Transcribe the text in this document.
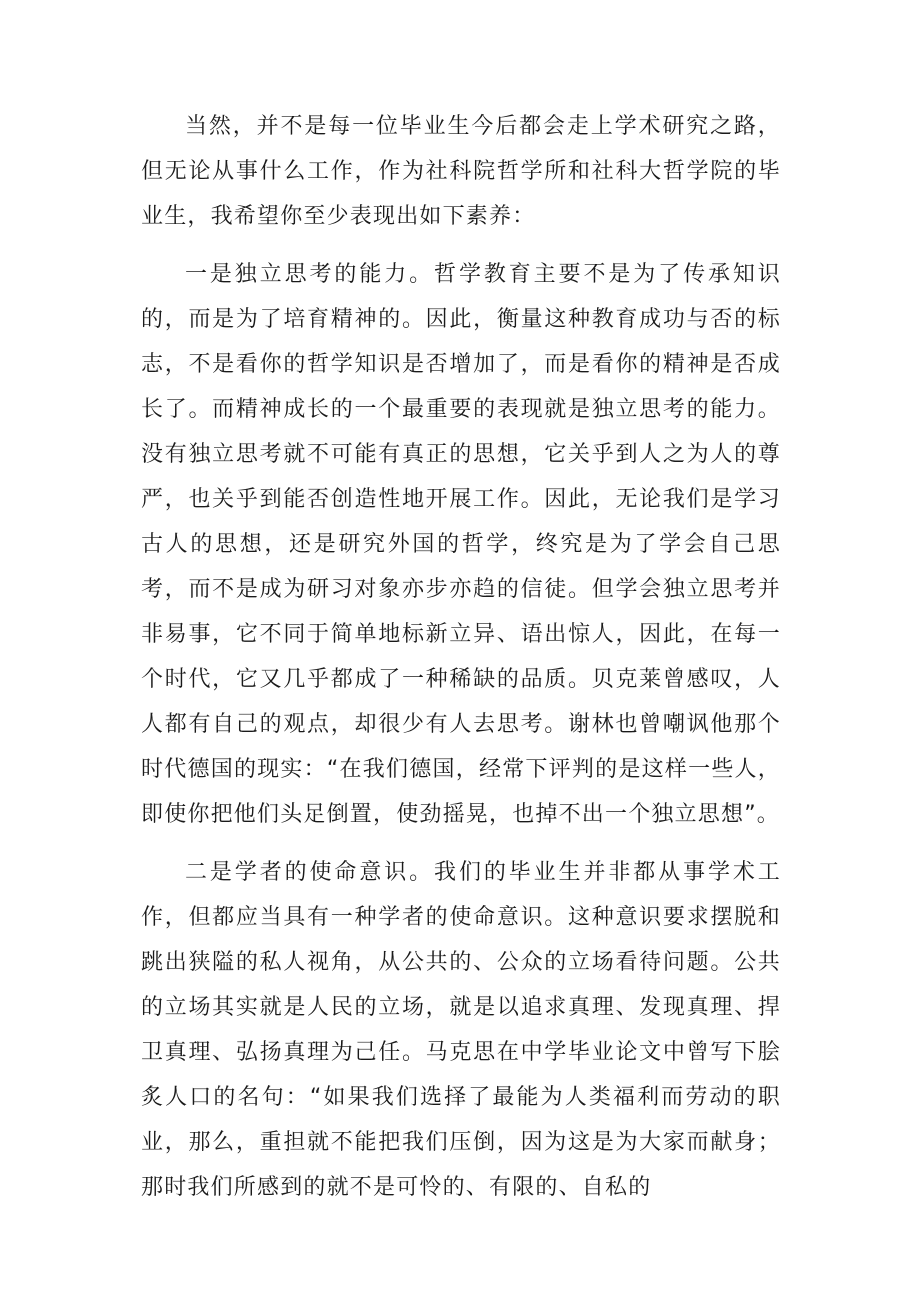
当然，并不是每一位毕业生今后都会走上学术研究之路，但无论从事什么工作，作为社科院哲学所和社科大哲学院的毕业生，我希望你至少表现出如下素养：

一是独立思考的能力。哲学教育主要不是为了传承知识的，而是为了培育精神的。因此，衡量这种教育成功与否的标志，不是看你的哲学知识是否增加了，而是看你的精神是否成长了。而精神成长的一个最重要的表现就是独立思考的能力。没有独立思考就不可能有真正的思想，它关乎到人之为人的尊严，也关乎到能否创造性地开展工作。因此，无论我们是学习古人的思想，还是研究外国的哲学，终究是为了学会自己思考，而不是成为研习对象亦步亦趋的信徒。但学会独立思考并非易事，它不同于简单地标新立异、语出惊人，因此，在每一个时代，它又几乎都成了一种稀缺的品质。贝克莱曾感叹，人人都有自己的观点，却很少有人去思考。谢林也曾嘲讽他那个时代德国的现实：“在我们德国，经常下评判的是这样一些人，即使你把他们头足倒置，使劲摇晃，也掉不出一个独立思想”。

二是学者的使命意识。我们的毕业生并非都从事学术工作，但都应当具有一种学者的使命意识。这种意识要求摆脱和跳出狭隘的私人视角，从公共的、公众的立场看待问题。公共的立场其实就是人民的立场，就是以追求真理、发现真理、捍卫真理、弘扬真理为己任。马克思在中学毕业论文中曾写下脍炙人口的名句：“如果我们选择了最能为人类福利而劳动的职业，那么，重担就不能把我们压倒，因为这是为大家而献身；那时我们所感到的就不是可怜的、有限的、自私的
